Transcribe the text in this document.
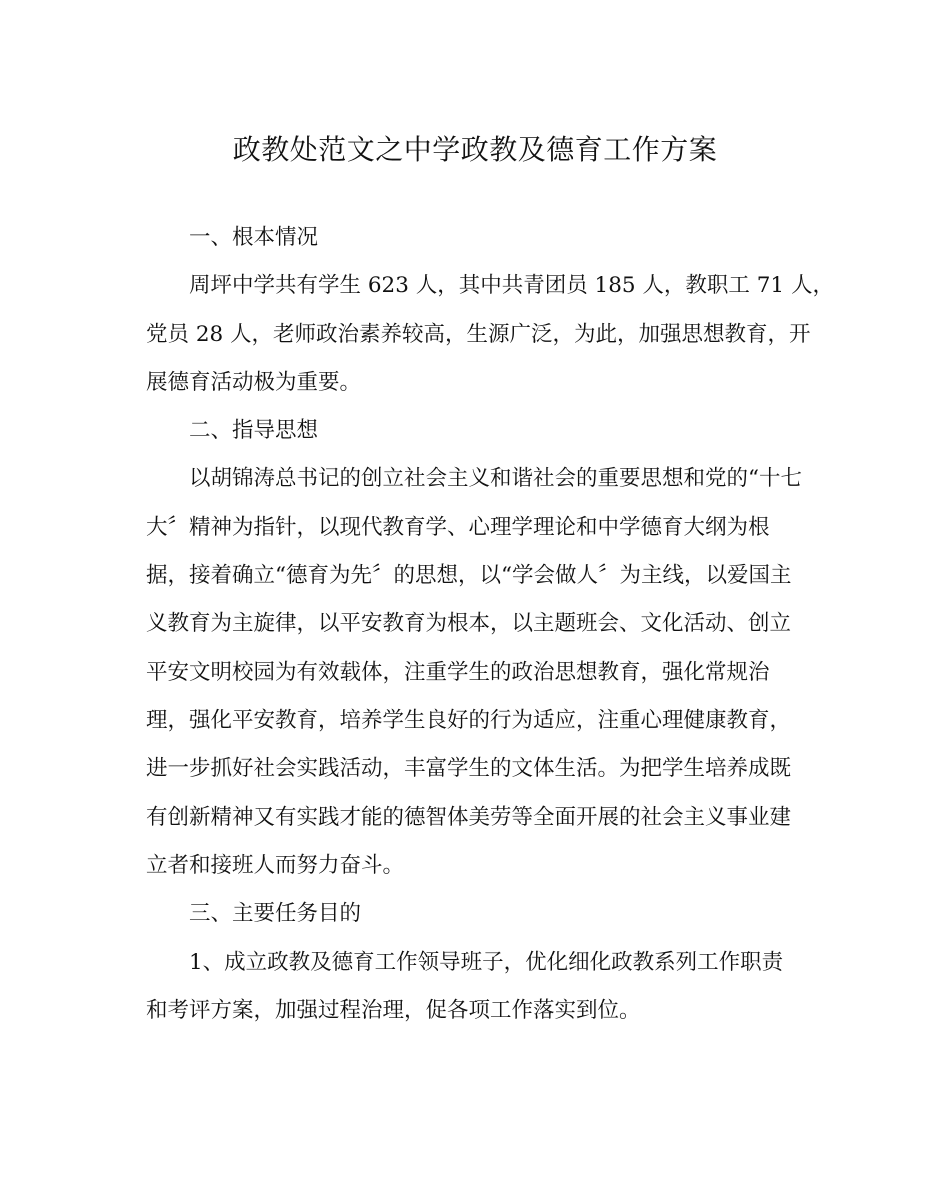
政教处范文之中学政教及德育工作方案
一、根本情况
周坪中学共有学生 623 人，其中共青团员 185 人，教职工 71 人，
党员 28 人，老师政治素养较高，生源广泛，为此，加强思想教育，开
展德育活动极为重要。
二、指导思想
以胡锦涛总书记的创立社会主义和谐社会的重要思想和党的“十七
大〞精神为指针，以现代教育学、心理学理论和中学德育大纲为根
据，接着确立“德育为先〞的思想，以“学会做人〞为主线，以爱国主
义教育为主旋律，以平安教育为根本，以主题班会、文化活动、创立
平安文明校园为有效载体，注重学生的政治思想教育，强化常规治
理，强化平安教育，培养学生良好的行为适应，注重心理健康教育，
进一步抓好社会实践活动，丰富学生的文体生活。为把学生培养成既
有创新精神又有实践才能的德智体美劳等全面开展的社会主义事业建
立者和接班人而努力奋斗。
三、主要任务目的
1、成立政教及德育工作领导班子，优化细化政教系列工作职责
和考评方案，加强过程治理，促各项工作落实到位。
